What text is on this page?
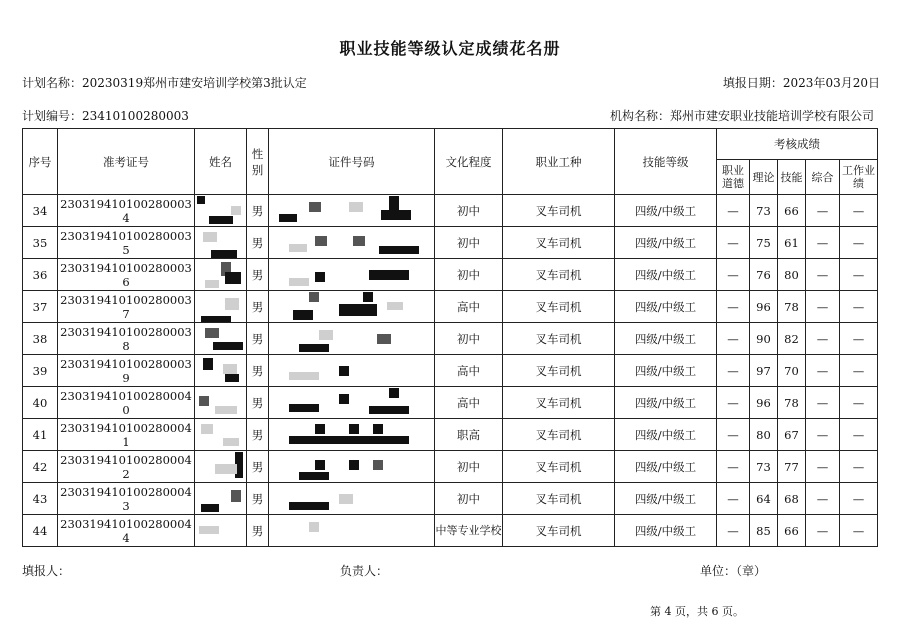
职业技能等级认定成绩花名册
计划名称：20230319郑州市建安培训学校第3批认定	填报日期：2023年03月20日
计划编号：23410100280003	机构名称：郑州市建安职业技能培训学校有限公司
序号	准考证号	姓名	性别	证件号码	文化程度	职业工种	技能等级	考核成绩				
								职业道德	理论	技能	综合	工作业绩
34	230319410100280003 4		男		初中	叉车司机	四级/中级工	—	73	66	—	—
35	230319410100280003 5		男		初中	叉车司机	四级/中级工	—	75	61	—	—
36	230319410100280003 6		男		初中	叉车司机	四级/中级工	—	76	80	—	—
37	230319410100280003 7		男		高中	叉车司机	四级/中级工	—	96	78	—	—
38	230319410100280003 8		男		初中	叉车司机	四级/中级工	—	90	82	—	—
39	230319410100280003 9		男		高中	叉车司机	四级/中级工	—	97	70	—	—
40	230319410100280004 0		男		高中	叉车司机	四级/中级工	—	96	78	—	—
41	230319410100280004 1		男		职高	叉车司机	四级/中级工	—	80	67	—	—
42	230319410100280004 2		男		初中	叉车司机	四级/中级工	—	73	77	—	—
43	230319410100280004 3		男		初中	叉车司机	四级/中级工	—	64	68	—	—
44	230319410100280004 4		男		中等专业学校	叉车司机	四级/中级工	—	85	66	—	—
填报人：	负责人：	单位：（章）
第 4 页，共 6 页。
